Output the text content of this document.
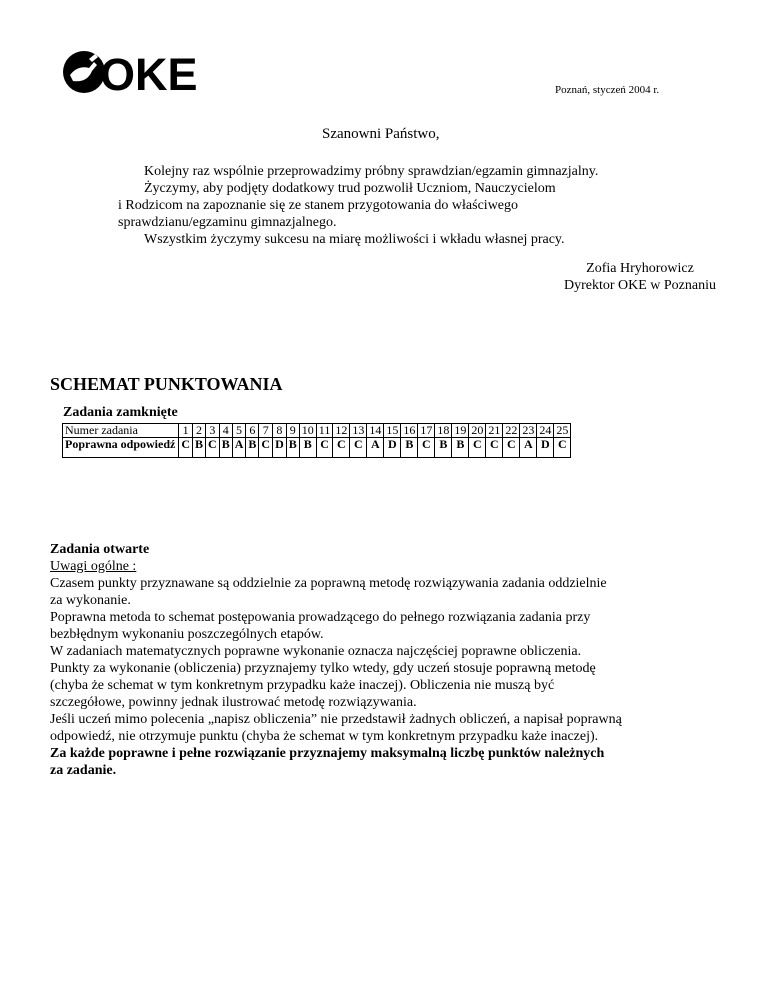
OKE	Poznań, styczeń 2004 r.
Szanowni Państwo,

Kolejny raz wspólnie przeprowadzimy próbny sprawdzian/egzamin gimnazjalny.

Życzymy, aby podjęty dodatkowy trud pozwolił Uczniom, Nauczycielom

i Rodzicom na zapoznanie się ze stanem przygotowania do właściwego

sprawdzianu/egzaminu gimnazjalnego.

Wszystkim życzymy sukcesu na miarę możliwości i wkładu własnej pracy.

Zofia Hryhorowicz
Dyrektor OKE w Poznaniu
SCHEMAT PUNKTOWANIA
Zadania zamknięte
Numer zadania	1	2	3	4	5	6	7	8	9	10	11	12	13	14	15	16	17	18	19	20	21	22	23	24	25
Poprawna odpowiedź	C	B	C	B	A	B	C	D	B	B	C	C	C	A	D	B	C	B	B	C	C	C	A	D	C

Zadania otwarte

Uwagi ogólne :

Czasem punkty przyznawane są oddzielnie za poprawną metodę rozwiązywania zadania oddzielnie

za wykonanie.

Poprawna metoda to schemat postępowania prowadzącego do pełnego rozwiązania zadania przy

bezbłędnym wykonaniu poszczególnych etapów.

W zadaniach matematycznych poprawne wykonanie oznacza najczęściej poprawne obliczenia.

Punkty za wykonanie (obliczenia) przyznajemy tylko wtedy, gdy uczeń stosuje poprawną metodę

(chyba że schemat w tym konkretnym przypadku każe inaczej). Obliczenia nie muszą być

szczegółowe, powinny jednak ilustrować metodę rozwiązywania.

Jeśli uczeń mimo polecenia „napisz obliczenia” nie przedstawił żadnych obliczeń, a napisał poprawną

odpowiedź, nie otrzymuje punktu (chyba że schemat w tym konkretnym przypadku każe inaczej).

Za każde poprawne i pełne rozwiązanie przyznajemy maksymalną liczbę punktów należnych

za zadanie.
